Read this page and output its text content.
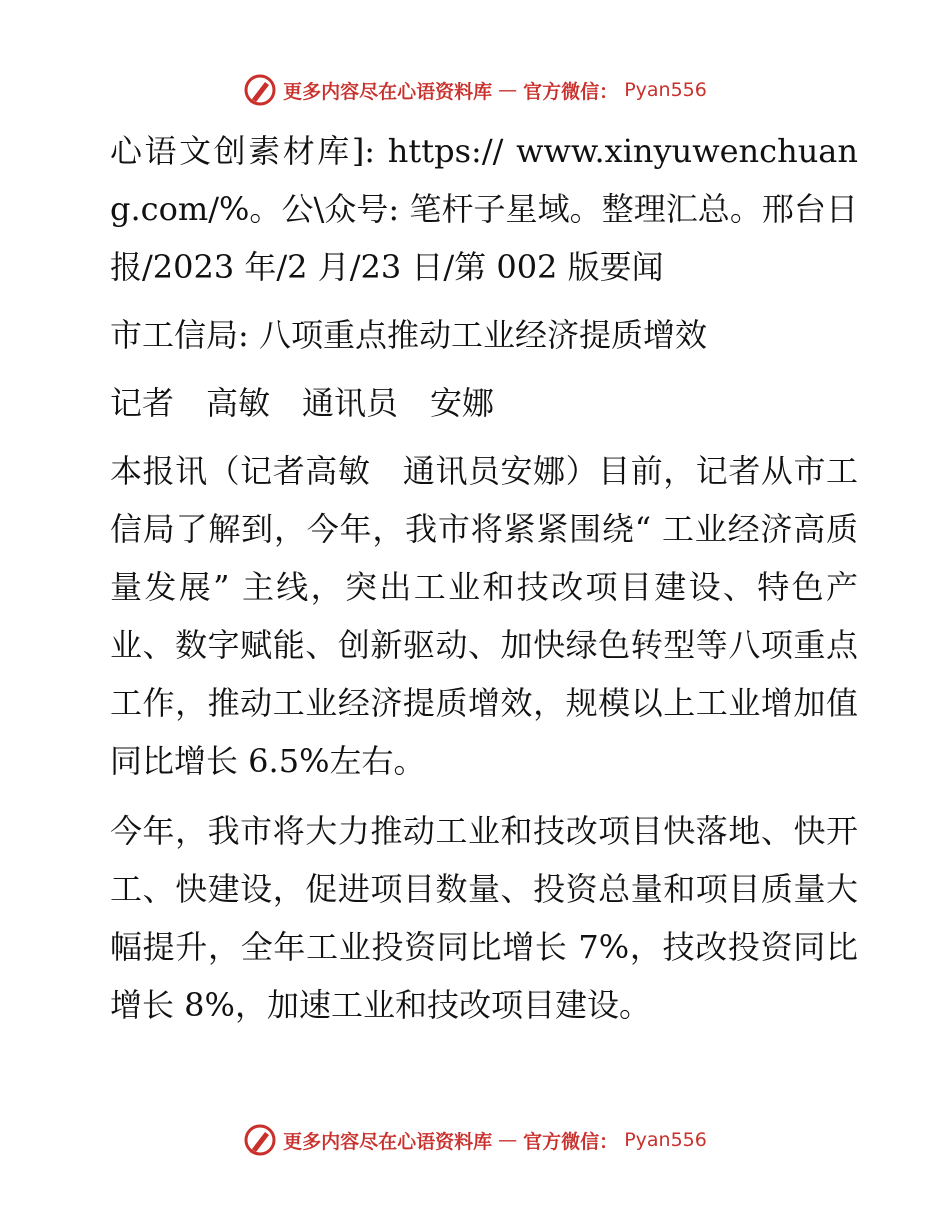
更多内容尽在心语资料库 — 官方微信： Pyan556

心语文创素材库]: https:// www.xinyuwenchuang.com/%。公\众号: 笔杆子星域。整理汇总。邢台日报/2023 年/2 月/23 日/第 002 版要闻

市工信局: 八项重点推动工业经济提质增效

记者　高敏　通讯员　安娜

本报讯（记者高敏　通讯员安娜）目前，记者从市工信局了解到，今年，我市将紧紧围绕“ 工业经济高质量发展” 主线，突出工业和技改项目建设、特色产业、数字赋能、创新驱动、加快绿色转型等八项重点工作，推动工业经济提质增效，规模以上工业增加值同比增长 6.5%左右。

今年，我市将大力推动工业和技改项目快落地、快开工、快建设，促进项目数量、投资总量和项目质量大幅提升，全年工业投资同比增长 7%，技改投资同比增长 8%，加速工业和技改项目建设。

更多内容尽在心语资料库 — 官方微信： Pyan556
